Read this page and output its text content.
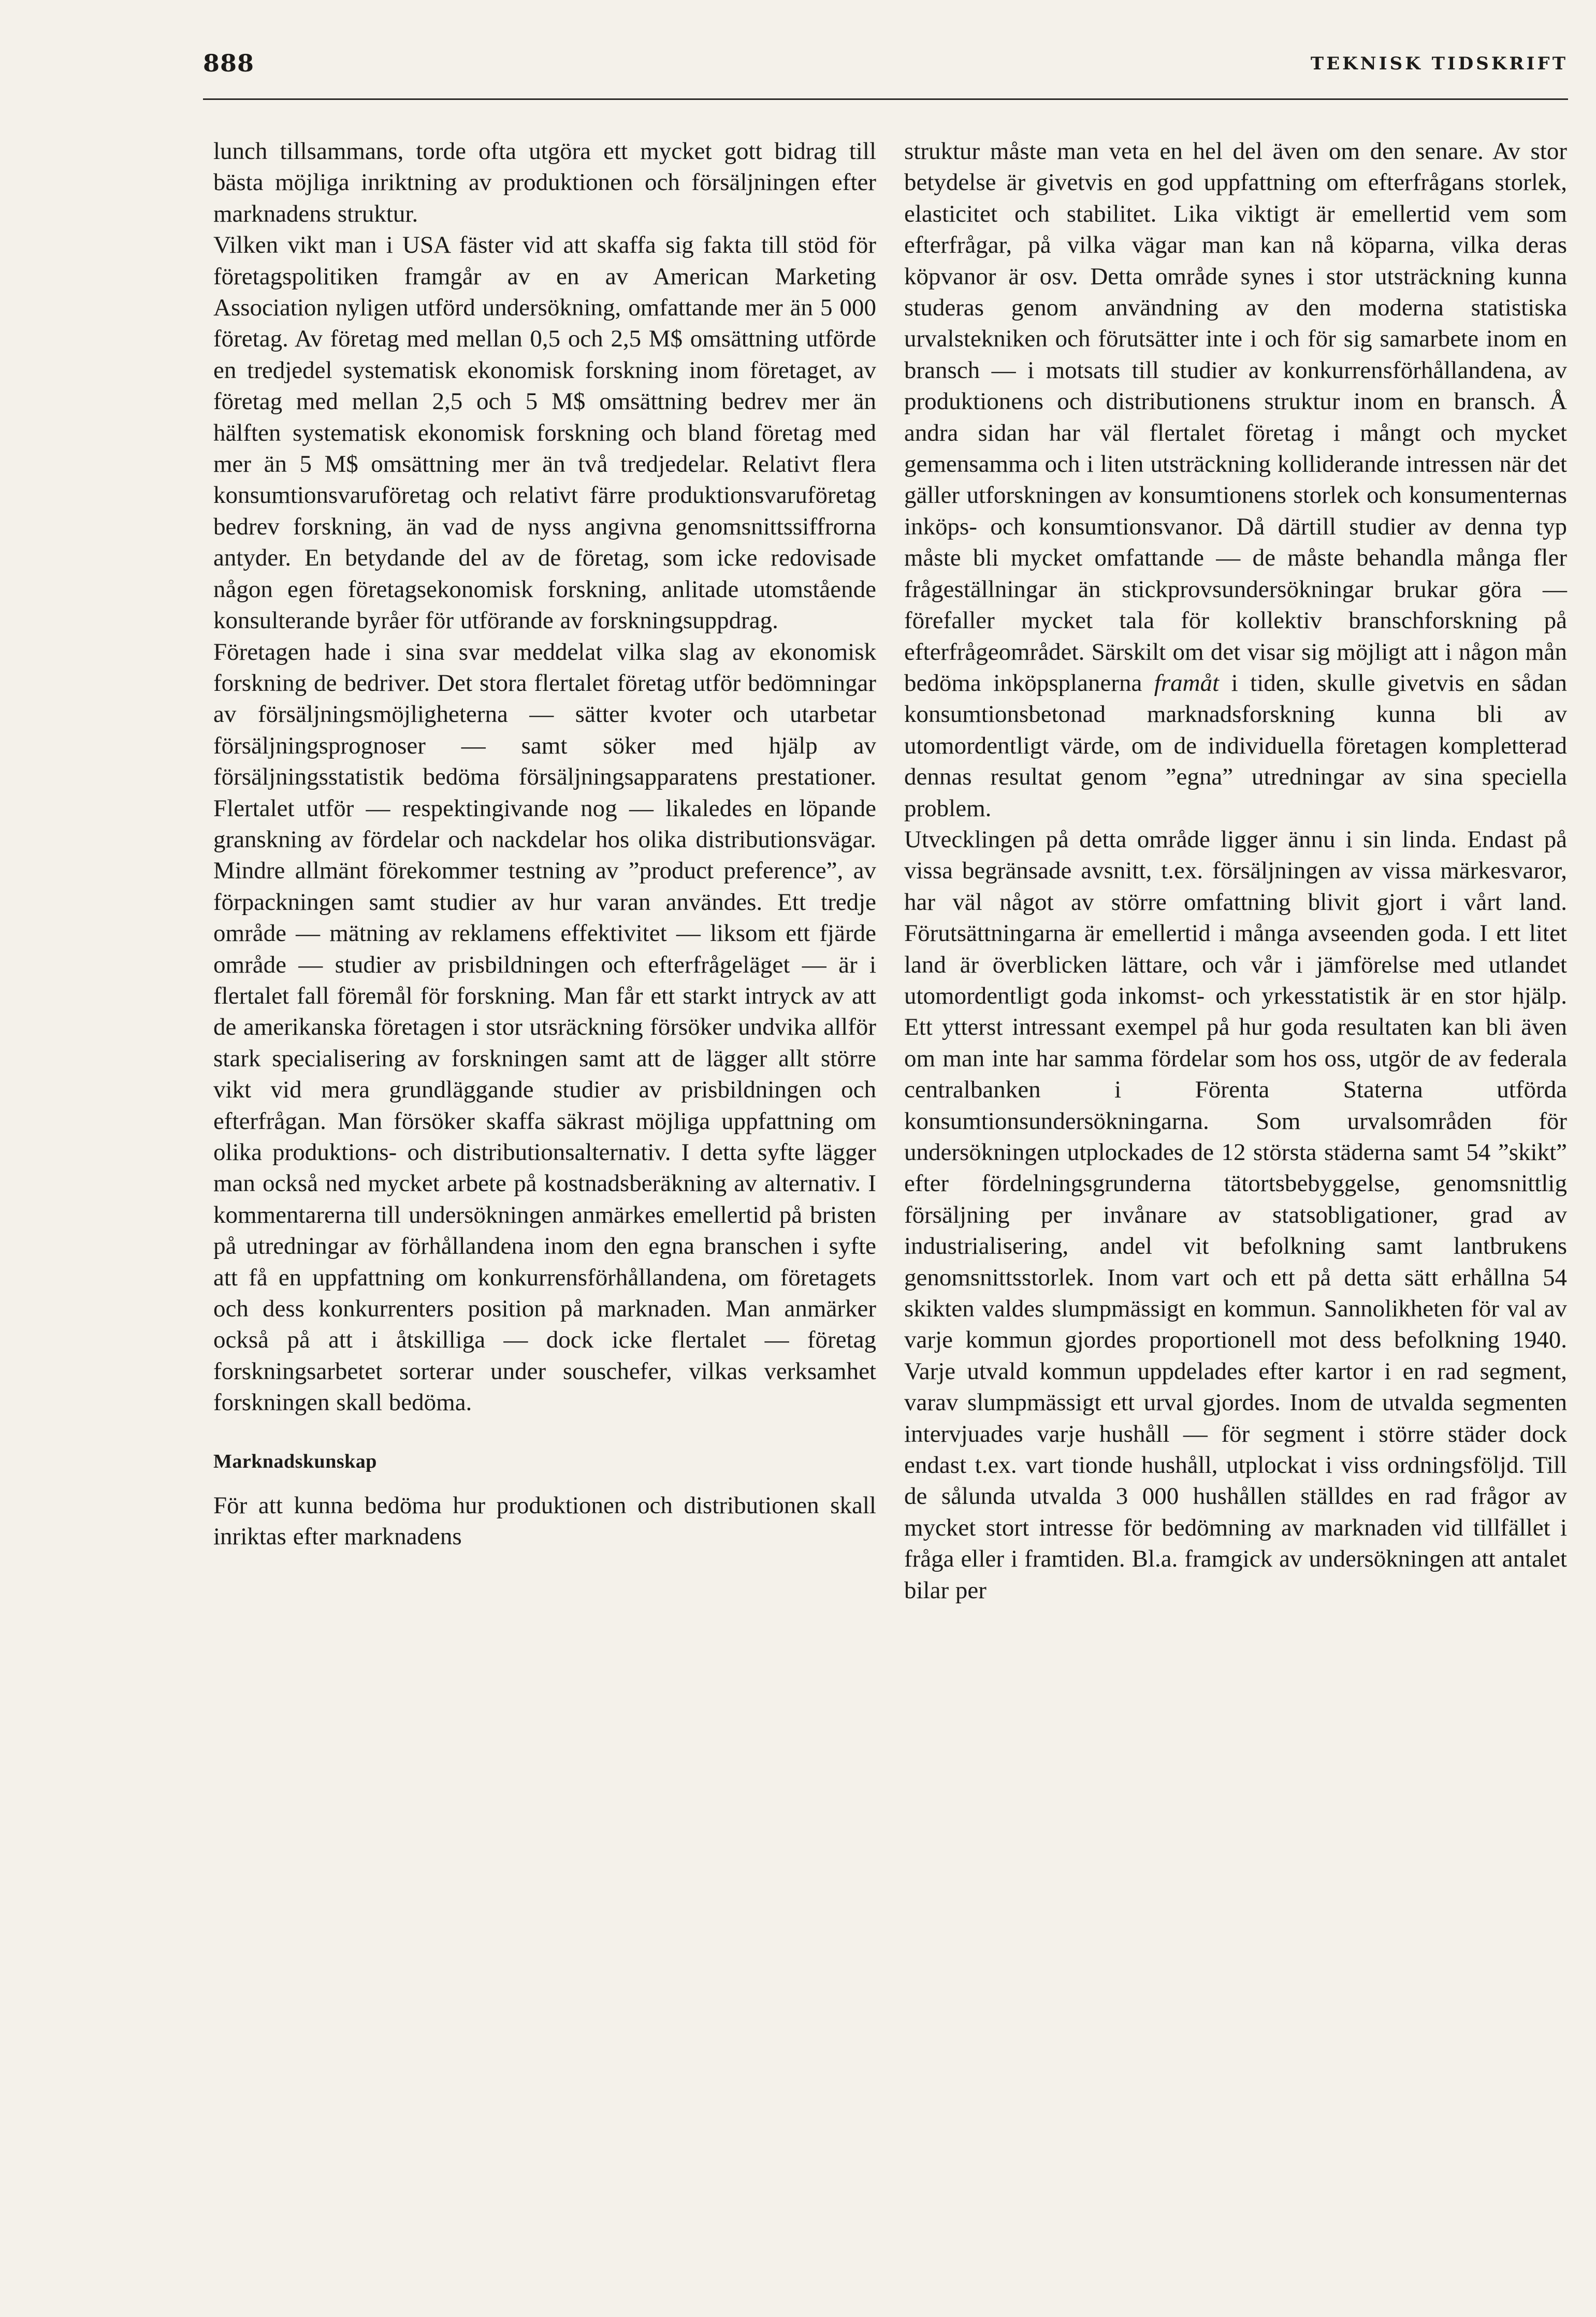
888	TEKNISK TIDSKRIFT

lunch tillsammans, torde ofta utgöra ett mycket gott bidrag till bästa möjliga inriktning av produktionen och försäljningen efter marknadens struktur.

Vilken vikt man i USA fäster vid att skaffa sig fakta till stöd för företagspolitiken framgår av en av American Marketing Association nyligen utförd undersökning, omfattande mer än 5 000 företag. Av företag med mellan 0,5 och 2,5 M$ omsättning utförde en tredjedel systematisk ekonomisk forskning inom företaget, av företag med mellan 2,5 och 5 M$ omsättning bedrev mer än hälften systematisk ekonomisk forskning och bland företag med mer än 5 M$ omsättning mer än två tredjedelar. Relativt flera konsumtionsvaruföretag och relativt färre produktionsvaruföretag bedrev forskning, än vad de nyss angivna genomsnittssiffrorna antyder. En betydande del av de företag, som icke redovisade någon egen företagsekonomisk forskning, anlitade utomstående konsulterande byråer för utförande av forskningsuppdrag.

Företagen hade i sina svar meddelat vilka slag av ekonomisk forskning de bedriver. Det stora flertalet företag utför bedömningar av försäljningsmöjligheterna — sätter kvoter och utarbetar försäljningsprognoser — samt söker med hjälp av försäljningsstatistik bedöma försäljningsapparatens prestationer. Flertalet utför — respektingivande nog — likaledes en löpande granskning av fördelar och nackdelar hos olika distributionsvägar. Mindre allmänt förekommer testning av ”product preference”, av förpackningen samt studier av hur varan användes. Ett tredje område — mätning av reklamens effektivitet — liksom ett fjärde område — studier av prisbildningen och efterfrågeläget — är i flertalet fall föremål för forskning. Man får ett starkt intryck av att de amerikanska företagen i stor utsräckning försöker undvika allför stark specialisering av forskningen samt att de lägger allt större vikt vid mera grundläggande studier av prisbildningen och efterfrågan. Man försöker skaffa säkrast möjliga uppfattning om olika produktions- och distributionsalternativ. I detta syfte lägger man också ned mycket arbete på kostnadsberäkning av alternativ. I kommentarerna till undersökningen anmärkes emellertid på bristen på utredningar av förhållandena inom den egna branschen i syfte att få en uppfattning om konkurrensförhållandena, om företagets och dess konkurrenters position på marknaden. Man anmärker också på att i åtskilliga — dock icke flertalet — företag forskningsarbetet sorterar under souschefer, vilkas verksamhet forskningen skall bedöma.

Marknadskunskap

För att kunna bedöma hur produktionen och distributionen skall inriktas efter marknadens

struktur måste man veta en hel del även om den senare. Av stor betydelse är givetvis en god uppfattning om efterfrågans storlek, elasticitet och stabilitet. Lika viktigt är emellertid vem som efterfrågar, på vilka vägar man kan nå köparna, vilka deras köpvanor är osv. Detta område synes i stor utsträckning kunna studeras genom användning av den moderna statistiska urvalstekniken och förutsätter inte i och för sig samarbete inom en bransch — i motsats till studier av konkurrensförhållandena, av produktionens och distributionens struktur inom en bransch. Å andra sidan har väl flertalet företag i mångt och mycket gemensamma och i liten utsträckning kolliderande intressen när det gäller utforskningen av konsumtionens storlek och konsumenternas inköps- och konsumtionsvanor. Då därtill studier av denna typ måste bli mycket omfattande — de måste behandla många fler frågeställningar än stickprovsundersökningar brukar göra — förefaller mycket tala för kollektiv branschforskning på efterfrågeområdet. Särskilt om det visar sig möjligt att i någon mån bedöma inköpsplanerna framåt i tiden, skulle givetvis en sådan konsumtionsbetonad marknadsforskning kunna bli av utomordentligt värde, om de individuella företagen kompletterad dennas resultat genom ”egna” utredningar av sina speciella problem.

Utvecklingen på detta område ligger ännu i sin linda. Endast på vissa begränsade avsnitt, t.ex. försäljningen av vissa märkesvaror, har väl något av större omfattning blivit gjort i vårt land. Förutsättningarna är emellertid i många avseenden goda. I ett litet land är överblicken lättare, och vår i jämförelse med utlandet utomordentligt goda inkomst- och yrkesstatistik är en stor hjälp. Ett ytterst intressant exempel på hur goda resultaten kan bli även om man inte har samma fördelar som hos oss, utgör de av federala centralbanken i Förenta Staterna utförda konsumtionsundersökningarna. Som urvalsområden för undersökningen utplockades de 12 största städerna samt 54 ”skikt” efter fördelningsgrunderna tätortsbebyggelse, genomsnittlig försäljning per invånare av statsobligationer, grad av industrialisering, andel vit befolkning samt lantbrukens genomsnittsstorlek. Inom vart och ett på detta sätt erhållna 54 skikten valdes slumpmässigt en kommun. Sannolikheten för val av varje kommun gjordes proportionell mot dess befolkning 1940. Varje utvald kommun uppdelades efter kartor i en rad segment, varav slumpmässigt ett urval gjordes. Inom de utvalda segmenten intervjuades varje hushåll — för segment i större städer dock endast t.ex. vart tionde hushåll, utplockat i viss ordningsföljd. Till de sålunda utvalda 3 000 hushållen ställdes en rad frågor av mycket stort intresse för bedömning av marknaden vid tillfället i fråga eller i framtiden. Bl.a. framgick av undersökningen att antalet bilar per
